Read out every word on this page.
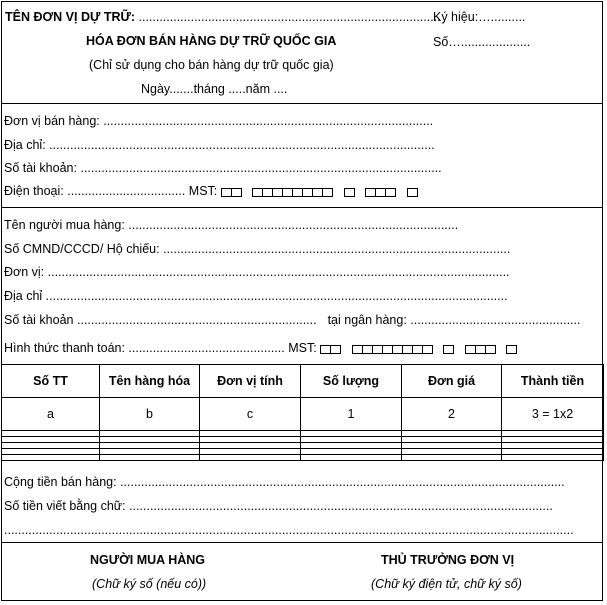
TÊN ĐƠN VỊ DỰ TRỮ: .......................................................................................
Ký hiệu:…..........
Số…....................
HÓA ĐƠN BÁN HÀNG DỰ TRỮ QUỐC GIA
(Chỉ sử dụng cho bán hàng dự trữ quốc gia)
Ngày.......tháng .....năm ....
Đơn vị bán hàng: ...............................................................................................
Địa chỉ: ...............................................................................................................
Số tài khoản: ........................................................................................................
Điện thoại: .................................. MST:
Tên người mua hàng: ...............................................................................................
Số CMND/CCCD/ Hộ chiếu: ....................................................................................................
Đơn vị: .....................................................................................................................................
Địa chỉ .....................................................................................................................................
Số tài khoản ..................................................................... tại ngân hàng: .................................................
Hình thức thanh toán: ............................................. MST:
Số TT	Tên hàng hóa	Đơn vị tính	Số lượng	Đơn giá	Thành tiền
a	b	c	1	2	3 = 1x2

Cộng tiền bán hàng: ................................................................................................................................
Số tiền viết bằng chữ: ..........................................................................................................................
....................................................................................................................................................................
NGƯỜI MUA HÀNG
(Chữ ký số (nếu có))
THỦ TRƯỞNG ĐƠN VỊ
(Chữ ký điện tử, chữ ký số)
